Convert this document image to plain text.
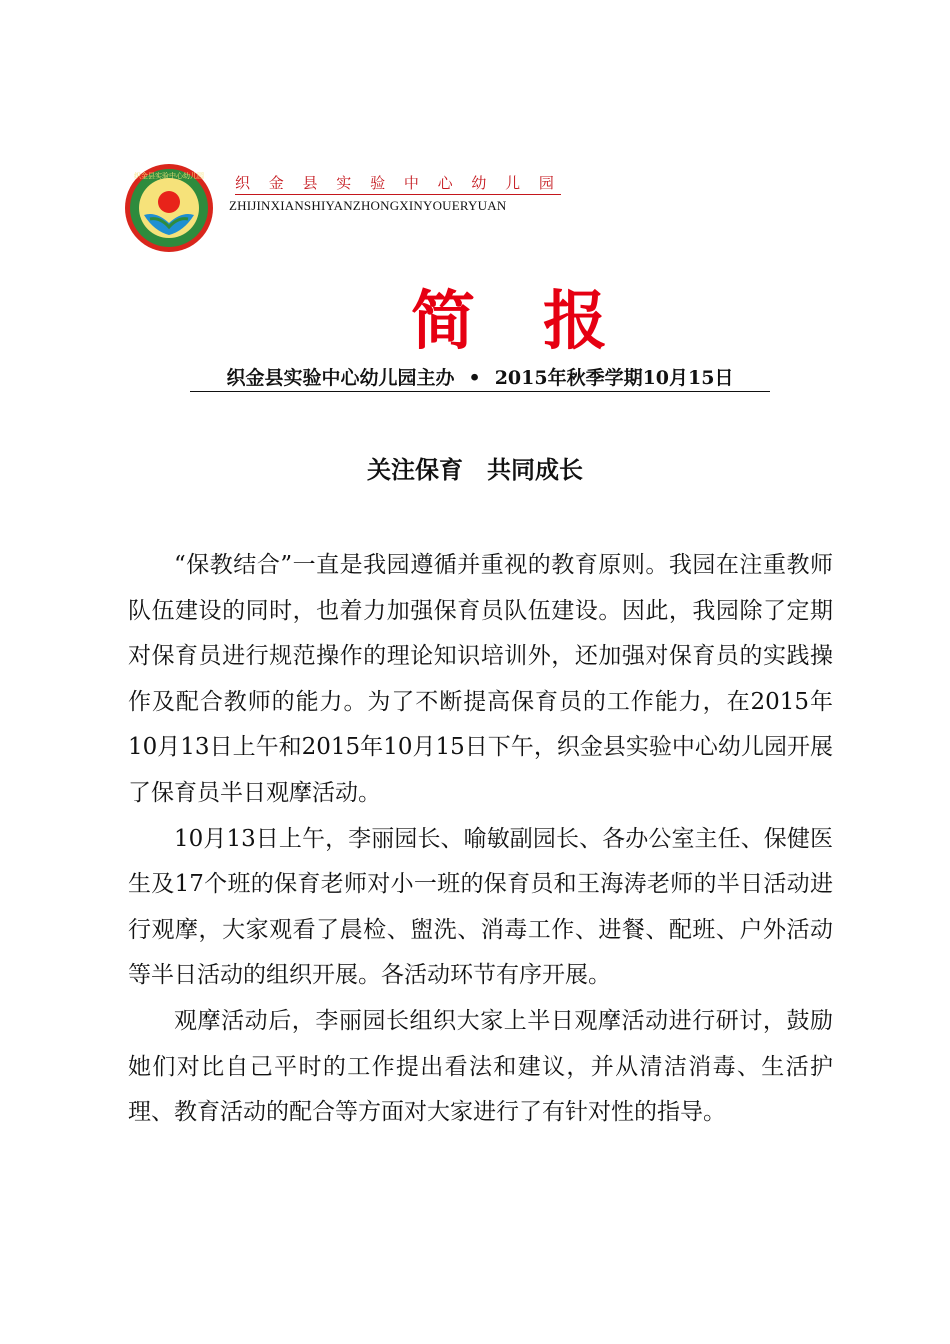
织金县实验中心幼儿园 织 金 县 实 验 中 心 幼 儿 园
ZHIJINXIANSHIYANZHONGXINYOUERYUAN
简报
织金县实验中心幼儿园主办 • 2015年秋季学期10月15日
关注保育　共同成长

“保教结合”一直是我园遵循并重视的教育原则。我园在注重教师队伍建设的同时，也着力加强保育员队伍建设。因此，我园除了定期对保育员进行规范操作的理论知识培训外，还加强对保育员的实践操作及配合教师的能力。为了不断提高保育员的工作能力，在2015年10月13日上午和2015年10月15日下午，织金县实验中心幼儿园开展了保育员半日观摩活动。

10月13日上午，李丽园长、喻敏副园长、各办公室主任、保健医生及17个班的保育老师对小一班的保育员和王海涛老师的半日活动进行观摩，大家观看了晨检、盥洗、消毒工作、进餐、配班、户外活动等半日活动的组织开展。各活动环节有序开展。

观摩活动后，李丽园长组织大家上半日观摩活动进行研讨，鼓励她们对比自己平时的工作提出看法和建议，并从清洁消毒、生活护理、教育活动的配合等方面对大家进行了有针对性的指导。
